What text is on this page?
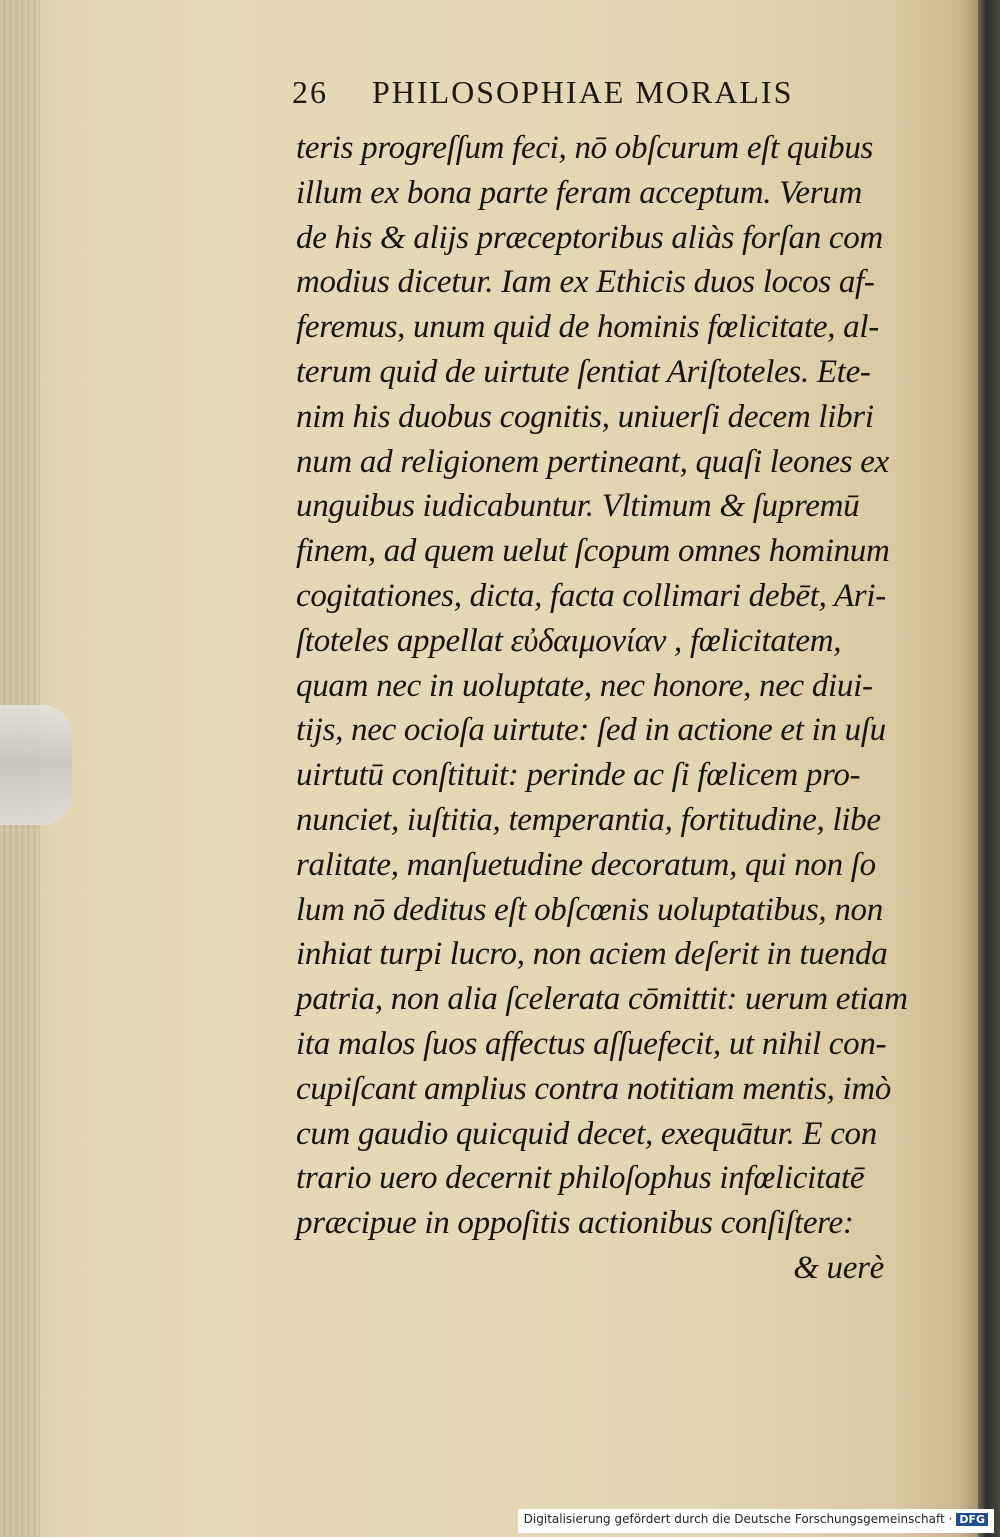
26 PHILOSOPHIAE MORALIS
teris progreſſum feci, nō obſcurum eſt quibus
illum ex bona parte feram acceptum. Verum
de his & alijs præceptoribus aliàs forſan com
modius dicetur. Iam ex Ethicis duos locos af-
feremus, unum quid de hominis fœlicitate, al-
terum quid de uirtute ſentiat Ariſtoteles. Ete-
nim his duobus cognitis, uniuerſi decem libri
num ad religionem pertineant, quaſi leones ex
unguibus iudicabuntur. Vltimum & ſupremū
finem, ad quem uelut ſcopum omnes hominum
cogitationes, dicta, facta collimari debēt, Ari-
ſtoteles appellat εὐδαιμονίαν , fœlicitatem,
quam nec in uoluptate, nec honore, nec diui-
tijs, nec ocioſa uirtute: ſed in actione et in uſu
uirtutū conſtituit: perinde ac ſi fœlicem pro-
nunciet, iuſtitia, temperantia, fortitudine, libe
ralitate, manſuetudine decoratum, qui non ſo
lum nō deditus eſt obſcœnis uoluptatibus, non
inhiat turpi lucro, non aciem deſerit in tuenda
patria, non alia ſcelerata cōmittit: uerum etiam
ita malos ſuos affectus aſſuefecit, ut nihil con-
cupiſcant amplius contra notitiam mentis, imò
cum gaudio quicquid decet, exequātur. E con
trario uero decernit philoſophus infœlicitatē
præcipue in oppoſitis actionibus conſiſtere:
& uerè
Digitalisierung gefördert durch die Deutsche Forschungsgemeinschaft · DFG
